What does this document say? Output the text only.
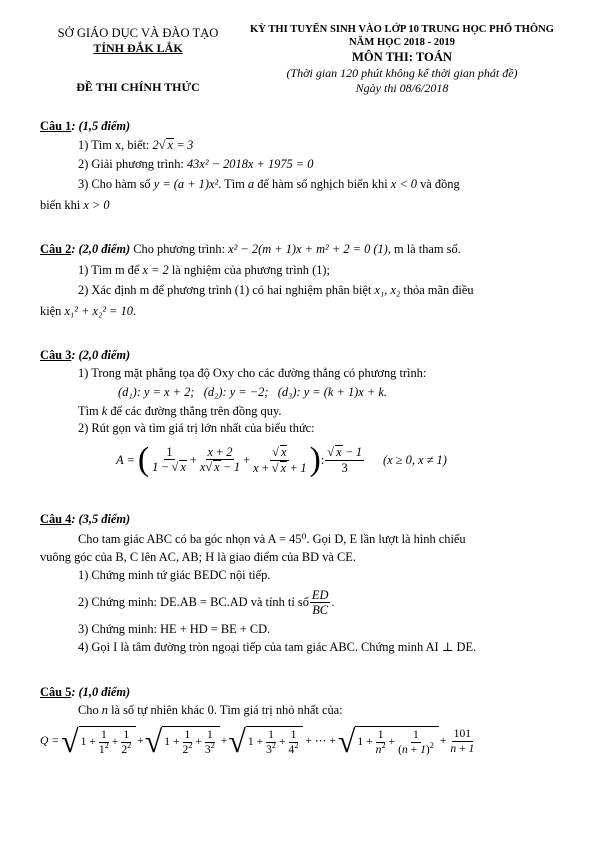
SỞ GIÁO DỤC VÀ ĐÀO TẠO
TỈNH ĐẮK LẮK
ĐỀ THI CHÍNH THỨC
KỲ THI TUYỂN SINH VÀO LỚP 10 TRUNG HỌC PHỔ THÔNG
NĂM HỌC 2018 - 2019
MÔN THI: TOÁN
(Thời gian 120 phút không kể thời gian phát đề)
Ngày thi 08/6/2018
Câu 1: (1,5 điểm)
1) Tìm x, biết: 2√ x = 3
2) Giải phương trình: 43x² − 2018x + 1975 = 0
3) Cho hàm số y = (a + 1)x². Tìm a để hàm số nghịch biến khi x < 0 và đồng
biến khi x > 0
Câu 2: (2,0 điểm) Cho phương trình: x² − 2(m + 1)x + m² + 2 = 0 (1), m là tham số.
1) Tìm m để x = 2 là nghiệm của phương trình (1);
2) Xác định m để phương trình (1) có hai nghiệm phân biệt x₁, x₂ thỏa mãn điều
kiện x₁² + x₂² = 10.
Câu 3: (2,0 điểm)
1) Trong mặt phẳng tọa độ Oxy cho các đường thẳng có phương trình:
(d₁): y = x + 2; (d₂): y = −2; (d₃): y = (k + 1)x + k.
Tìm k để các đường thẳng trên đồng quy.
2) Rút gọn và tìm giá trị lớn nhất của biểu thức:
A = ( $\frac{1}{1 - √ x} + \frac{x + 2}{x√ x - 1} + \frac{√ x}{x + √ x + 1}$ ) : $\frac{√ x - 1}{3} (x \ge 0$, x ≠ 1)
Câu 4: (3,5 điểm)
Cho tam giác ABC có ba góc nhọn và A = 45⁰. Gọi D, E lần lượt là hình chiếu
vuông góc của B, C lên AC, AB; H là giao điểm của BD và CE.
1) Chứng minh tứ giác BEDC nội tiếp.
2) Chứng minh: DE.AB = BC.AD và tính tỉ số $\frac{ED}{BC}$ .
3) Chứng minh: HE + HD = BE + CD.
4) Gọi I là tâm đường tròn ngoại tiếp của tam giác ABC. Chứng minh AI ⊥ DE.
Câu 5: (1,0 điểm)
Cho n là số tự nhiên khác 0. Tìm giá trị nhỏ nhất của:
Q = √ $1 + \frac{1}{1^2} + \frac{1}{2^2}$ + √ $1 + \frac{1}{2^2} + \frac{1}{3^2}$ + √ $1 + \frac{1}{3^2} + \frac{1}{4^2}$ + ⋯ + √ $1 + \frac{1}{n^2} + \frac{1}{(n + 1)^2} + \frac{101}{n + 1}$
